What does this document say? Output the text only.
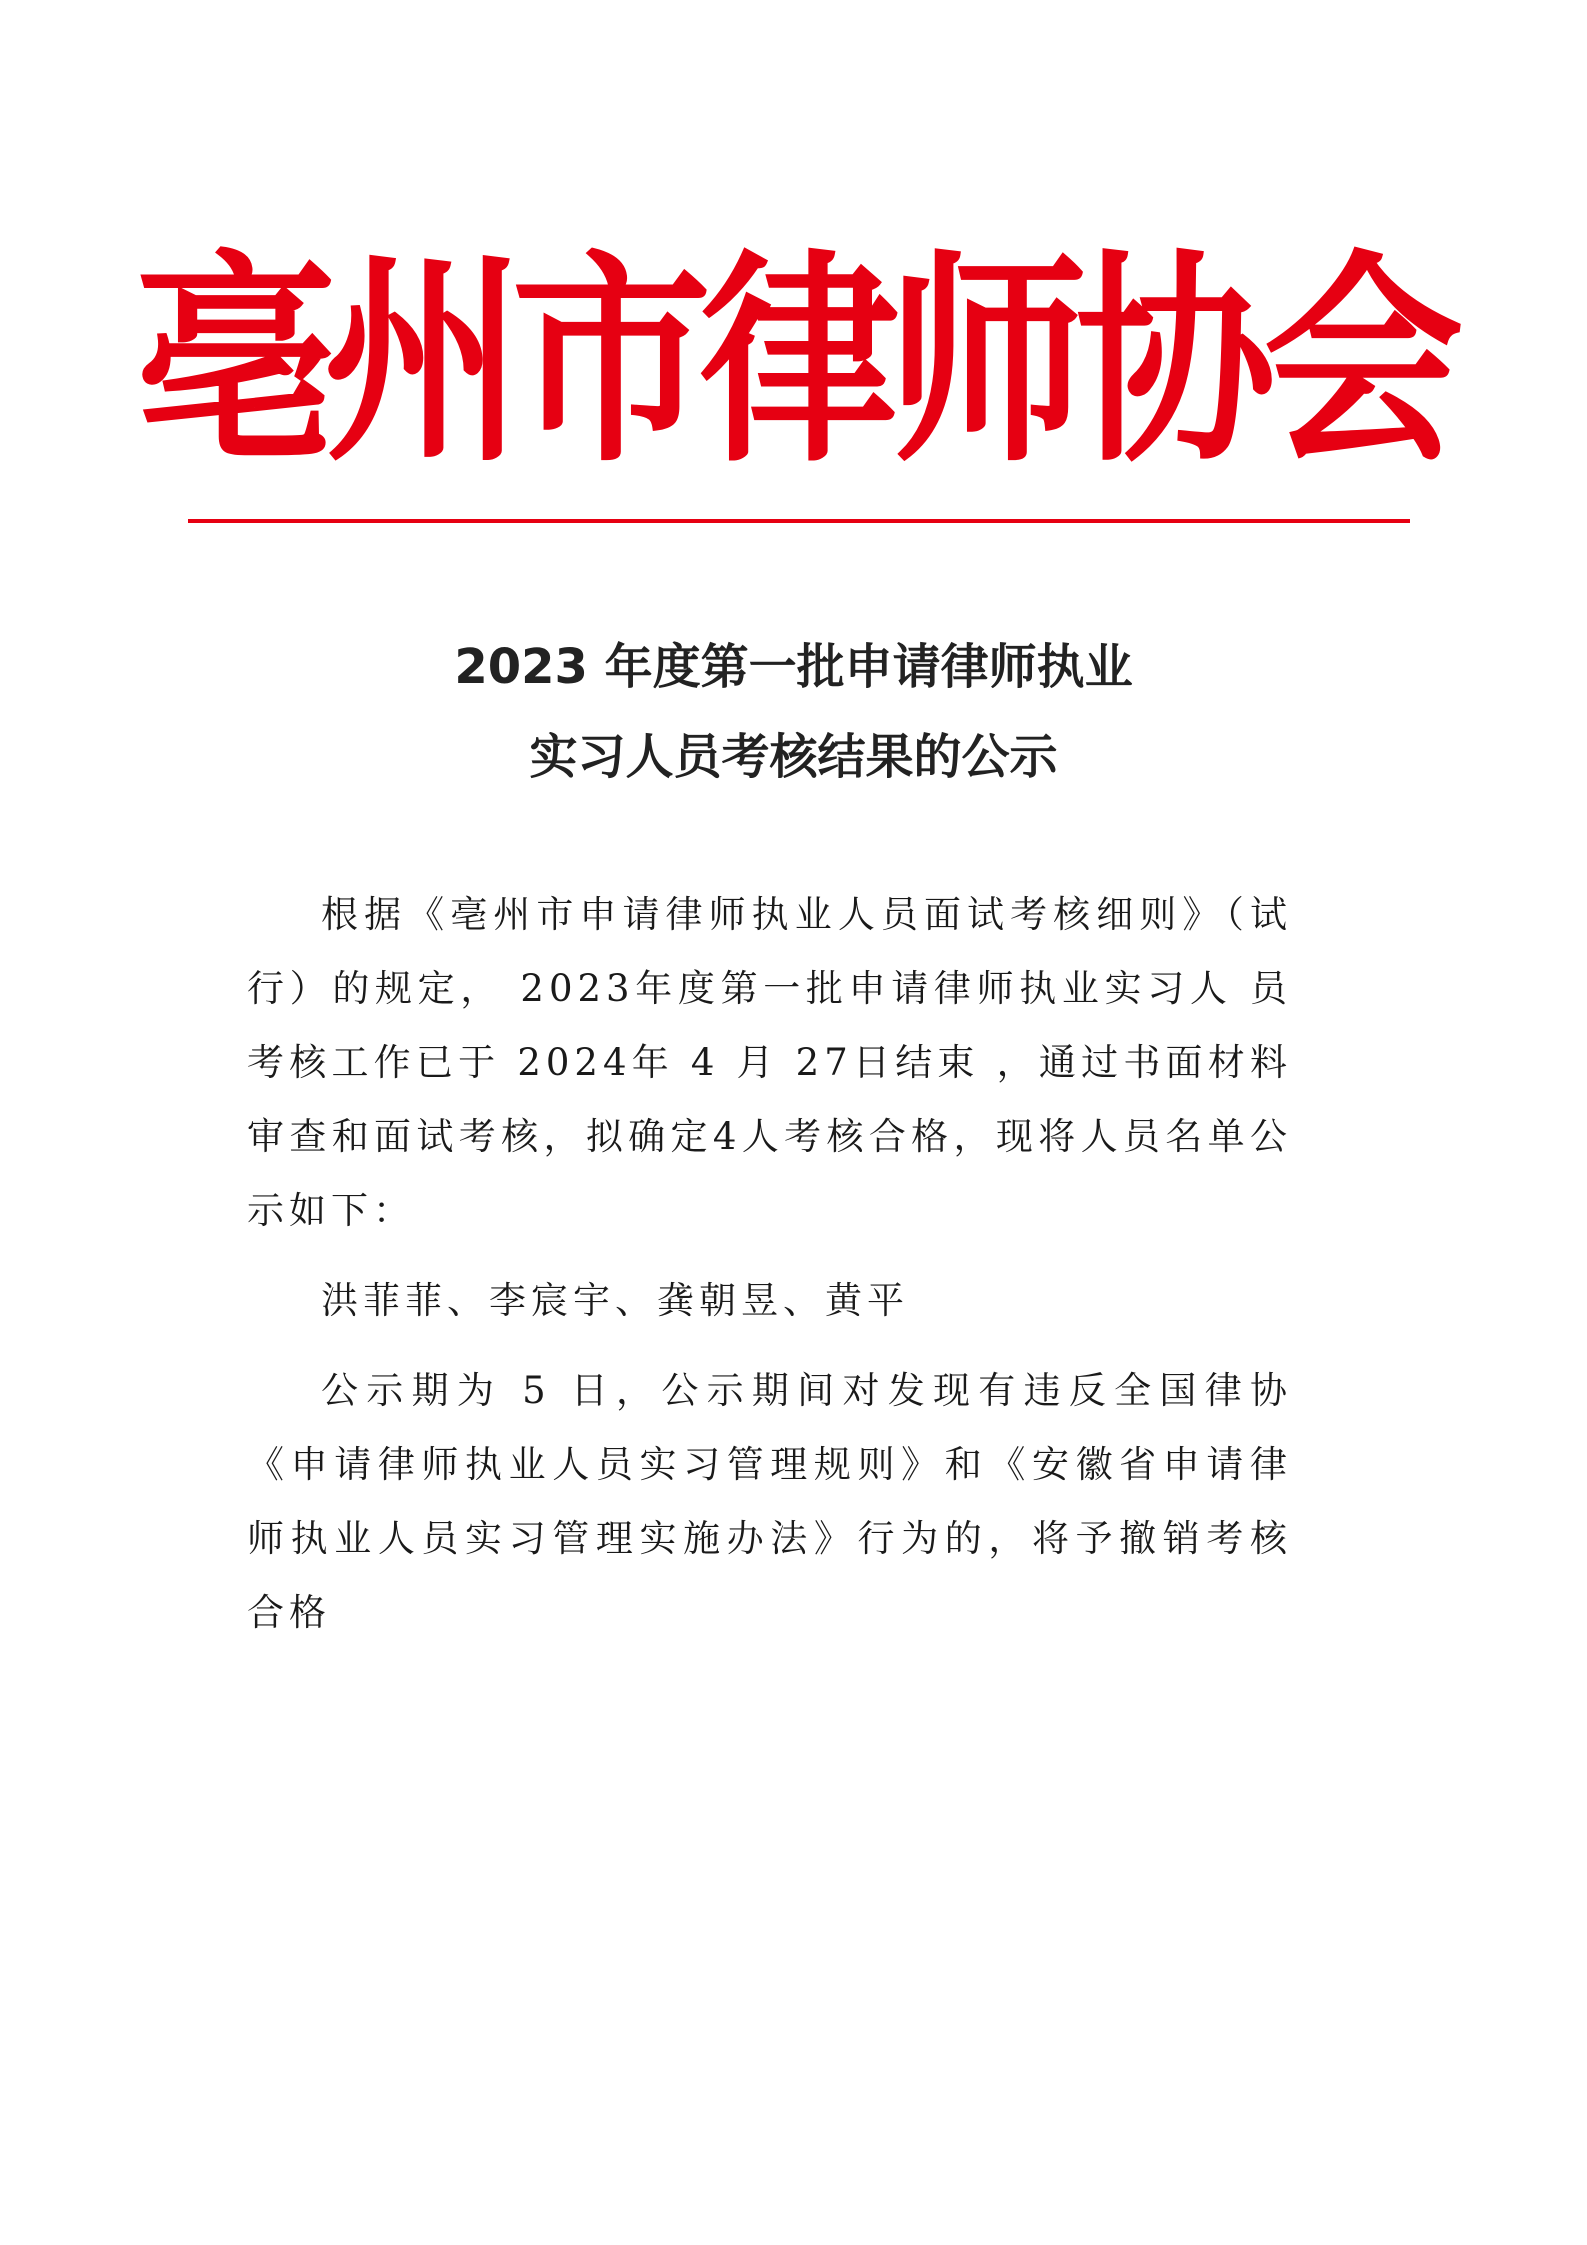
亳州市律师协会
2023 年度第一批申请律师执业
实习人员考核结果的公示

根据《亳州市申请律师执业人员面试考核细则》（试行）的规定， 2023年度第一批申请律师执业实习人 员考核工作已于 2024年 4 月 27日结束 ，通过书面材料 审查和面试考核，拟确定4人考核合格，现将人员名单公示如下：

洪菲菲、李宸宇、龚朝昱、黄平

公示期为 5 日，公示期间对发现有违反全国律协《申请律师执业人员实习管理规则》和《安徽省申请律师执业人员实习管理实施办法》行为的，将予撤销考核合格
